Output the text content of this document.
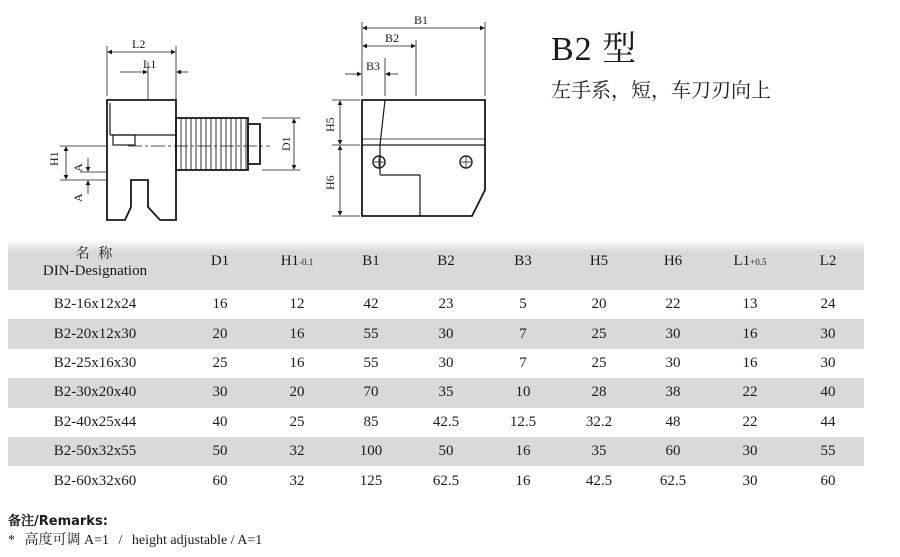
L2
L1
H1
A
A
D1
B1
B2
B3
H5
H6
B2 型
左手系，短，车刀刃向上
名 称
DIN-Designation	D1	H1-0.1	B1	B2	B3	H5	H6	L1+0.5	L2
B2-16x12x24	16	12	42	23	5	20	22	13	24
B2-20x12x30	20	16	55	30	7	25	30	16	30
B2-25x16x30	25	16	55	30	7	25	30	16	30
B2-30x20x40	30	20	70	35	10	28	38	22	40
B2-40x25x44	40	25	85	42.5	12.5	32.2	48	22	44
B2-50x32x55	50	32	100	50	16	35	60	30	55
B2-60x32x60	60	32	125	62.5	16	42.5	62.5	30	60
备注/Remarks:
* 高度可调 A=1 / height adjustable / A=1
